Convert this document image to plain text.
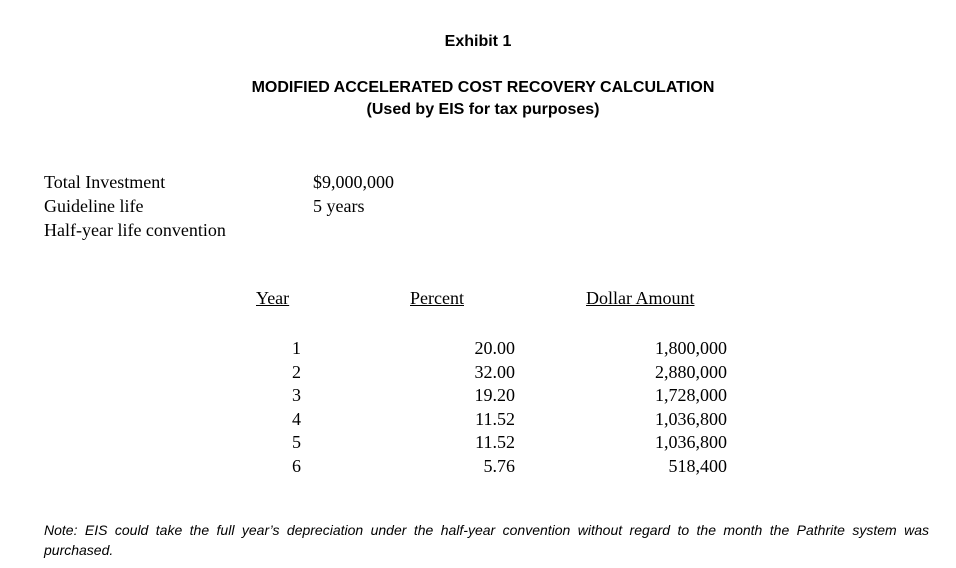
Exhibit 1
MODIFIED ACCELERATED COST RECOVERY CALCULATION
(Used by EIS for tax purposes)
Total Investment
Guideline life
Half-year life convention
$9,000,000
5 years
Year	Percent	Dollar Amount
1
2
3
4
5
6
20.00
32.00
19.20
11.52
11.52
5.76
1,800,000
2,880,000
1,728,000
1,036,800
1,036,800
518,400
Note: EIS could take the full year’s depreciation under the half-year convention without regard to the month the Pathrite system was purchased.
